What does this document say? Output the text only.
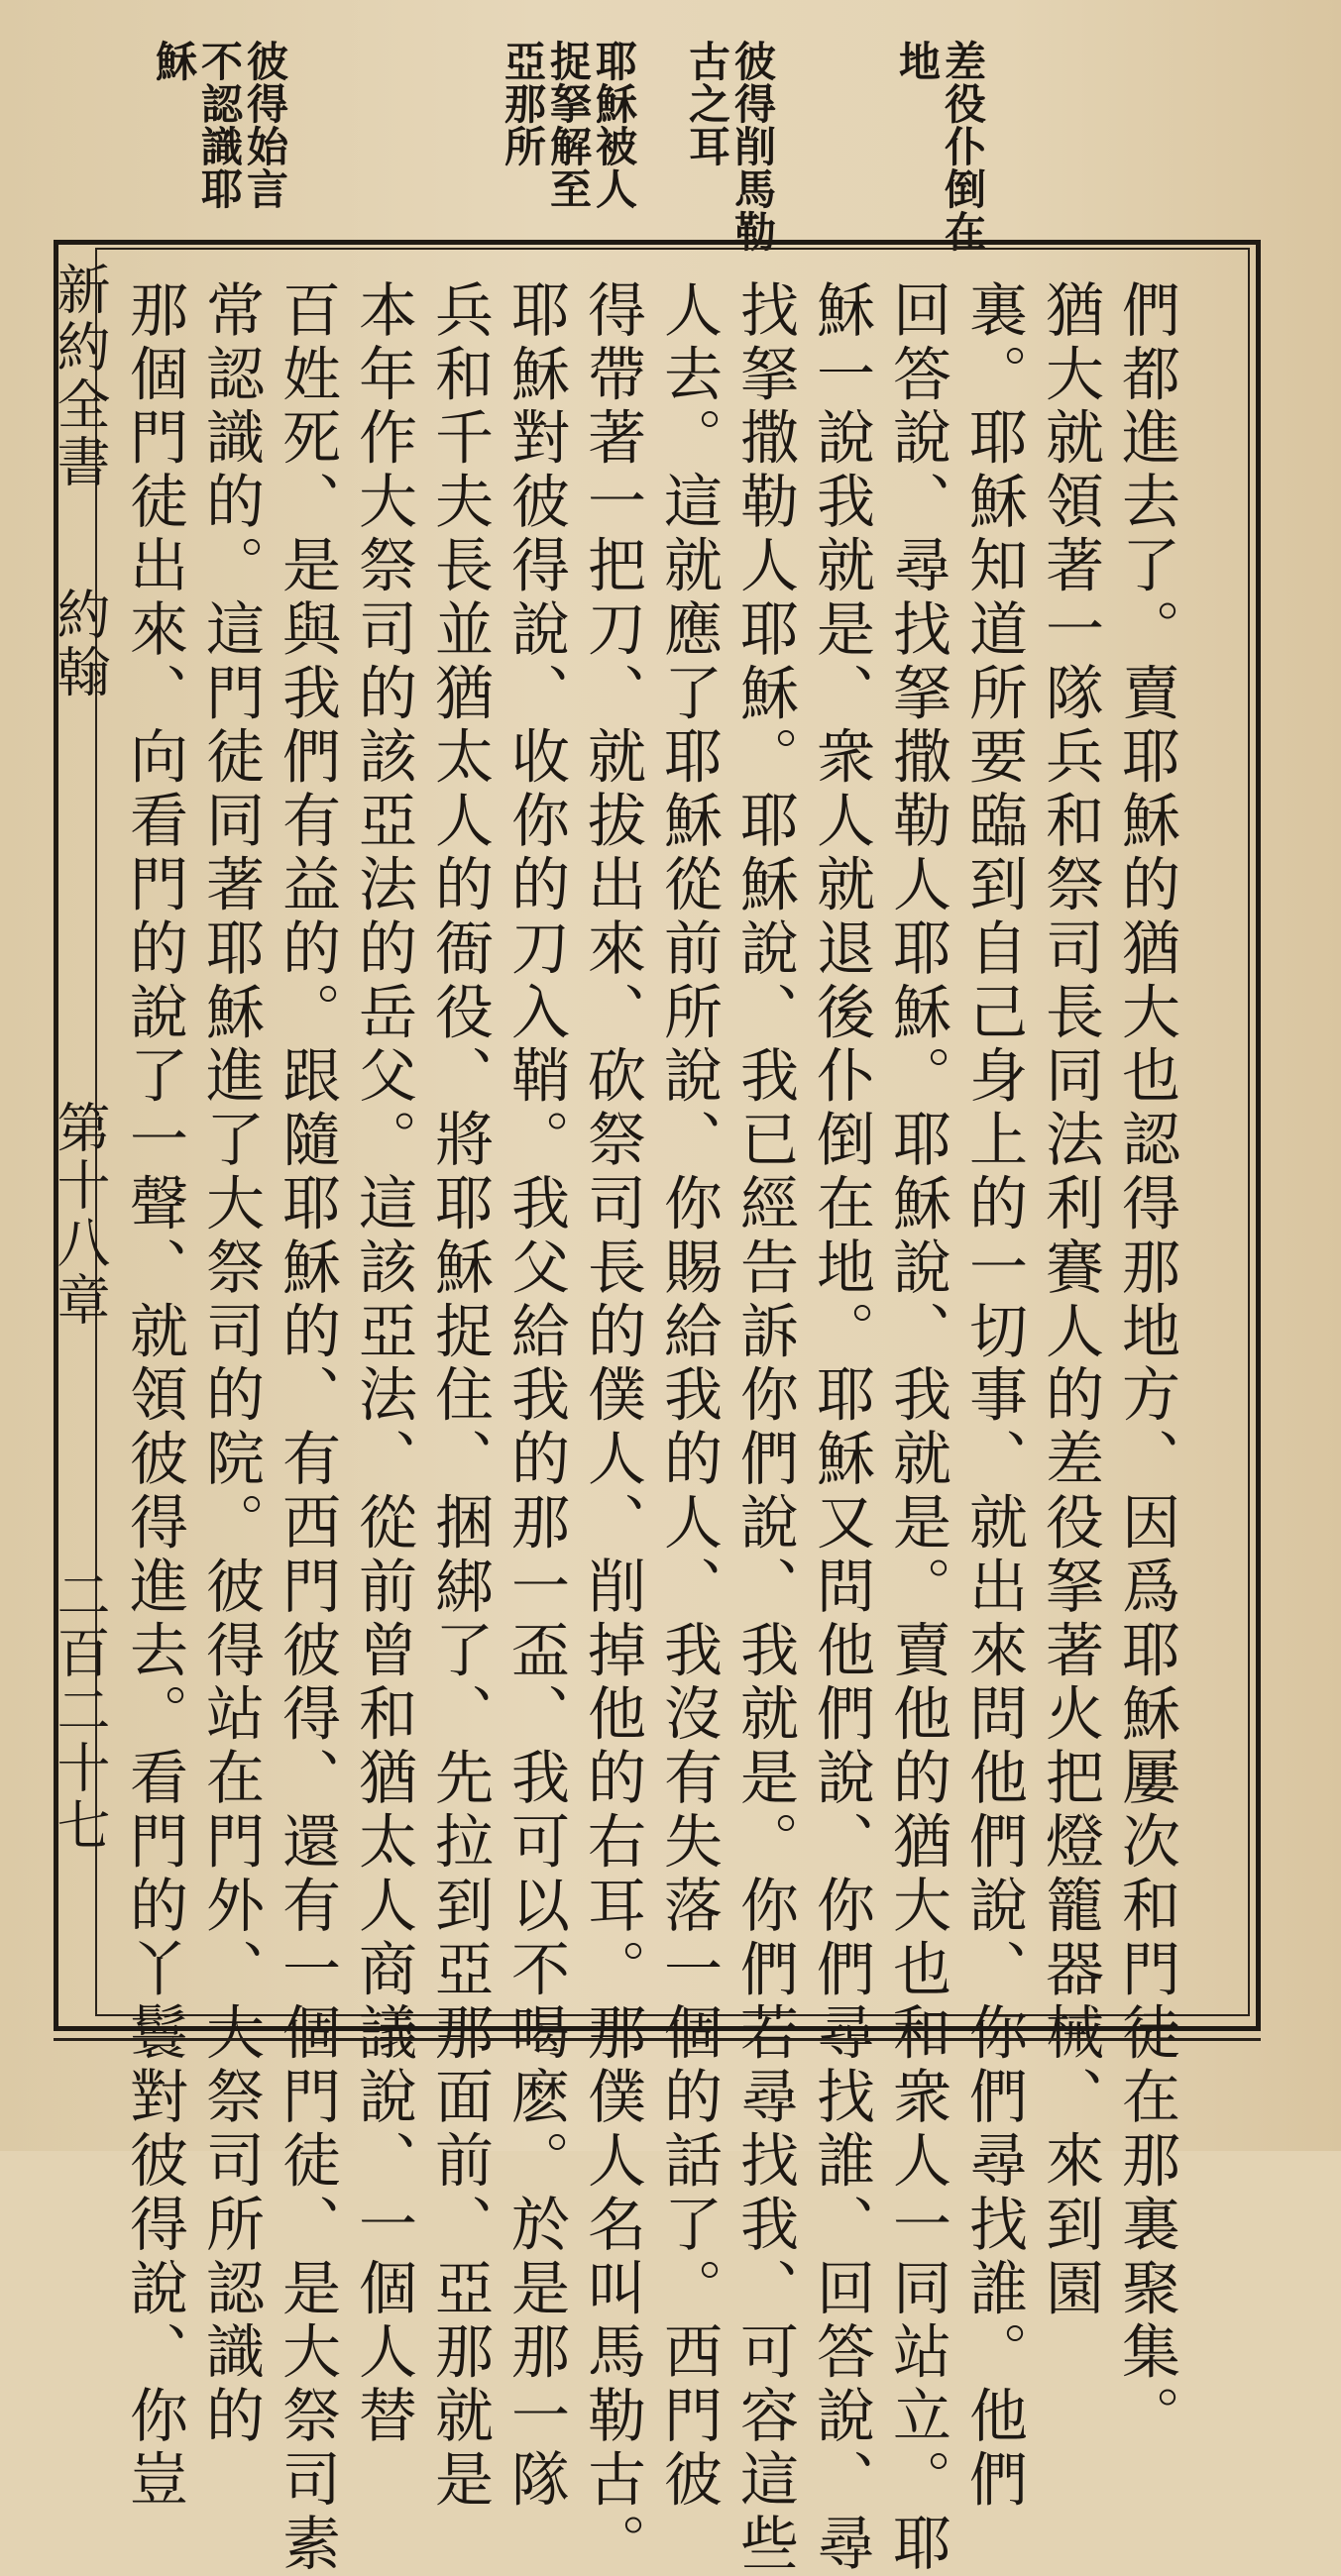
差役仆倒在地
彼得削馬勒古之耳
耶穌被人捉拏解至亞那所
彼得始言不認識耶穌
新約全書
約翰
第十八章
二百二十七	們都進去了。賣耶穌的猶大也認得那地方、因爲耶穌屢次和門徒在那裏聚集。
猶大就領著一隊兵和祭司長同法利賽人的差役拏著火把燈籠器械、來到園
裏。耶穌知道所要臨到自己身上的一切事、就出來問他們說、你們尋找誰。他們
回答說、尋找拏撒勒人耶穌。耶穌說、我就是。賣他的猶大也和衆人一同站立。耶
穌一說我就是、衆人就退後仆倒在地。耶穌又問他們說、你們尋找誰、回答說、尋
找拏撒勒人耶穌。耶穌說、我已經告訴你們說、我就是。你們若尋找我、可容這些
人去。這就應了耶穌從前所說、你賜給我的人、我沒有失落一個的話了。西門彼
得帶著一把刀、就拔出來、砍祭司長的僕人、削掉他的右耳。那僕人名叫馬勒古。
耶穌對彼得說、收你的刀入鞘。我父給我的那一盃、我可以不喝麽。於是那一隊
兵和千夫長並猶太人的衙役、將耶穌捉住、捆綁了、先拉到亞那面前、亞那就是
本年作大祭司的該亞法的岳父。這該亞法、從前曾和猶太人商議說、一個人替
百姓死、是與我們有益的。跟隨耶穌的、有西門彼得、還有一個門徒、是大祭司素
常認識的。這門徒同著耶穌進了大祭司的院。彼得站在門外、大祭司所認識的
那個門徒出來、向看門的說了一聲、就領彼得進去。看門的丫鬟對彼得說、你豈
